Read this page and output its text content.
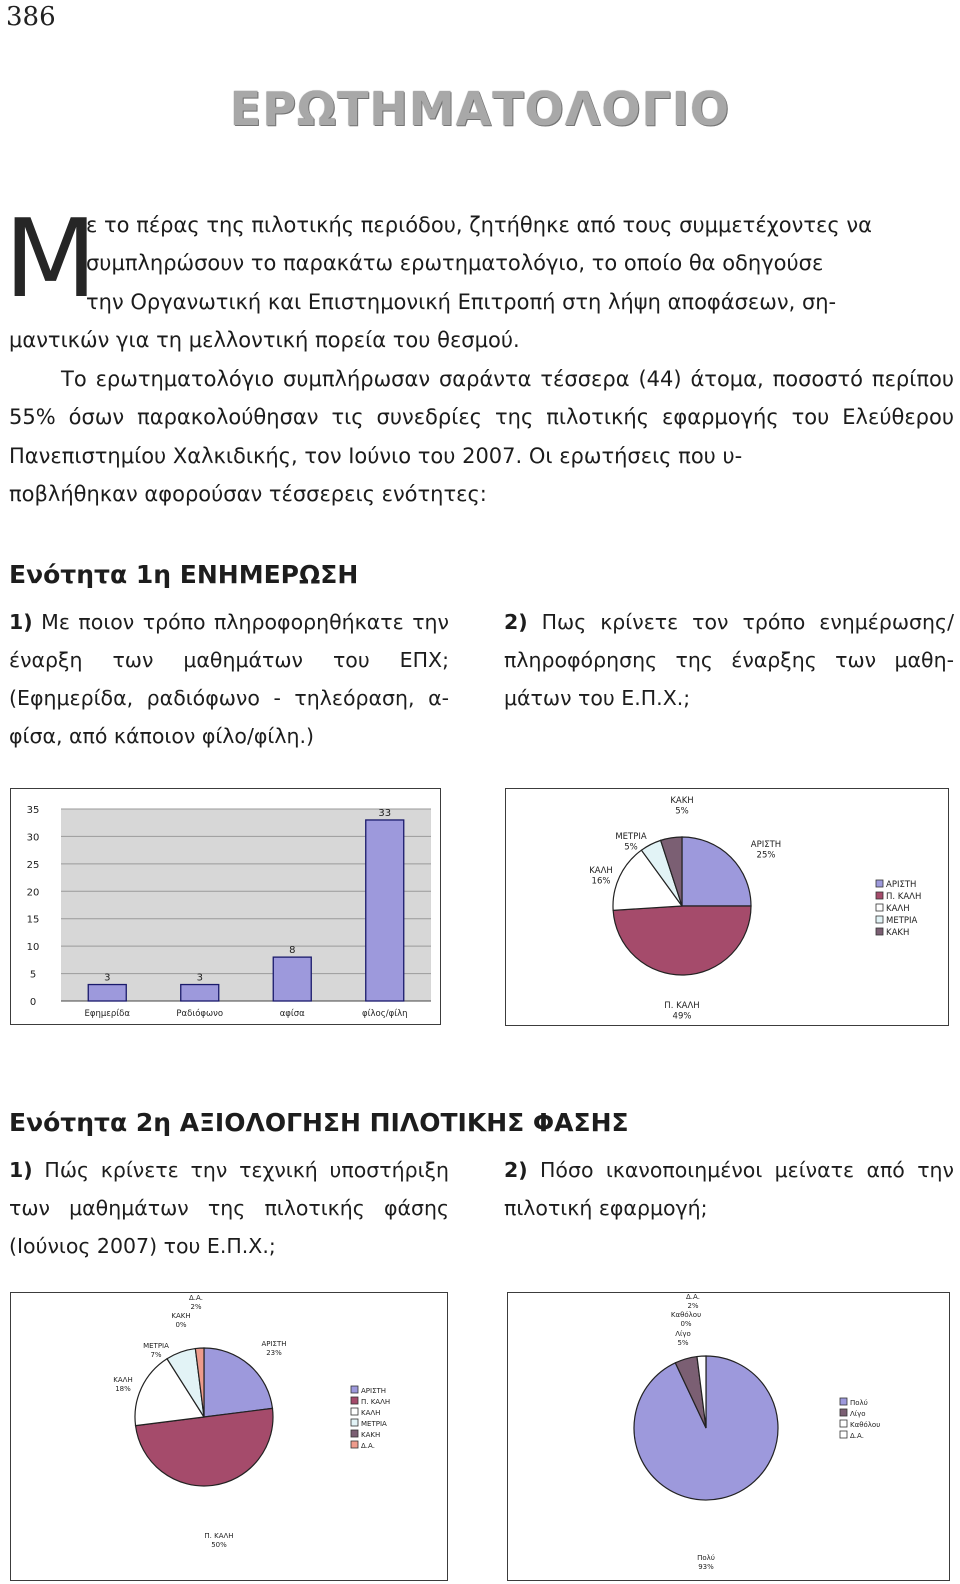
386
ΕΡΩΤΗΜΑΤΟΛΟΓΙΟ
Μ
ε το πέρας της πιλοτικής περιόδου, ζητήθηκε από τους συμμετέχοντες να
συμπληρώσουν το παρακάτω ερωτηματολόγιο, το οποίο θα οδηγούσε
την Οργανωτική και Επιστημονική Επιτροπή στη λήψη αποφάσεων, ση-
μαντικών για τη μελλοντική πορεία του θεσμού.
Το ερωτηματολόγιο συμπλήρωσαν σαράντα τέσσερα (44) άτομα, ποσοστό περίπου 55% όσων παρακολούθησαν τις συνεδρίες της πιλοτικής εφαρμογής του Ελεύθερου Πανεπιστημίου Χαλκιδικής, τον Ιούνιο του 2007. Οι ερωτήσεις που υ-
ποβλήθηκαν αφορούσαν τέσσερεις ενότητες:
Ενότητα 1η ΕΝΗΜΕΡΩΣΗ
1) Με ποιον τρόπο πληροφορηθήκατε την έναρξη των μαθημάτων του ΕΠΧ; (Εφημερίδα, ραδιόφωνο - τηλεόραση, α-φίσα, από κάποιον φίλο/φίλη.)
2) Πως κρίνετε τον τρόπο ενημέρωσης/ πληροφόρησης της έναρξης των μαθη-μάτων του Ε.Π.Χ.;
0
5
10
15
20
25
30
35
3
Εφημερίδα
3
Ραδιόφωνο
8
αφίσα
33
φίλος/φίλη
ΑΡΙΣΤΗ
25%
Π. ΚΑΛΗ
49%
ΚΑΛΗ
16%
ΜΕΤΡΙΑ
5%
ΚΑΚΗ
5%
ΑΡΙΣΤΗ
Π. ΚΑΛΗ
ΚΑΛΗ
ΜΕΤΡΙΑ
ΚΑΚΗ
Ενότητα 2η ΑΞΙΟΛΟΓΗΣΗ ΠΙΛΟΤΙΚΗΣ ΦΑΣΗΣ
1) Πώς κρίνετε την τεχνική υποστήριξη των μαθημάτων της πιλοτικής φάσης (Ιούνιος 2007) του Ε.Π.Χ.;
2) Πόσο ικανοποιημένοι μείνατε από την πιλοτική εφαρμογή;
ΑΡΙΣΤΗ
23%
Π. ΚΑΛΗ
50%
ΚΑΛΗ
18%
ΜΕΤΡΙΑ
7%
ΚΑΚΗ
0%
Δ.Α.
2%
ΑΡΙΣΤΗ
Π. ΚΑΛΗ
ΚΑΛΗ
ΜΕΤΡΙΑ
ΚΑΚΗ
Δ.Α.
Πολύ
93%
Λίγο
5%
Καθόλου
0%
Δ.Α.
2%
Πολύ
Λίγο
Καθόλου
Δ.Α.
